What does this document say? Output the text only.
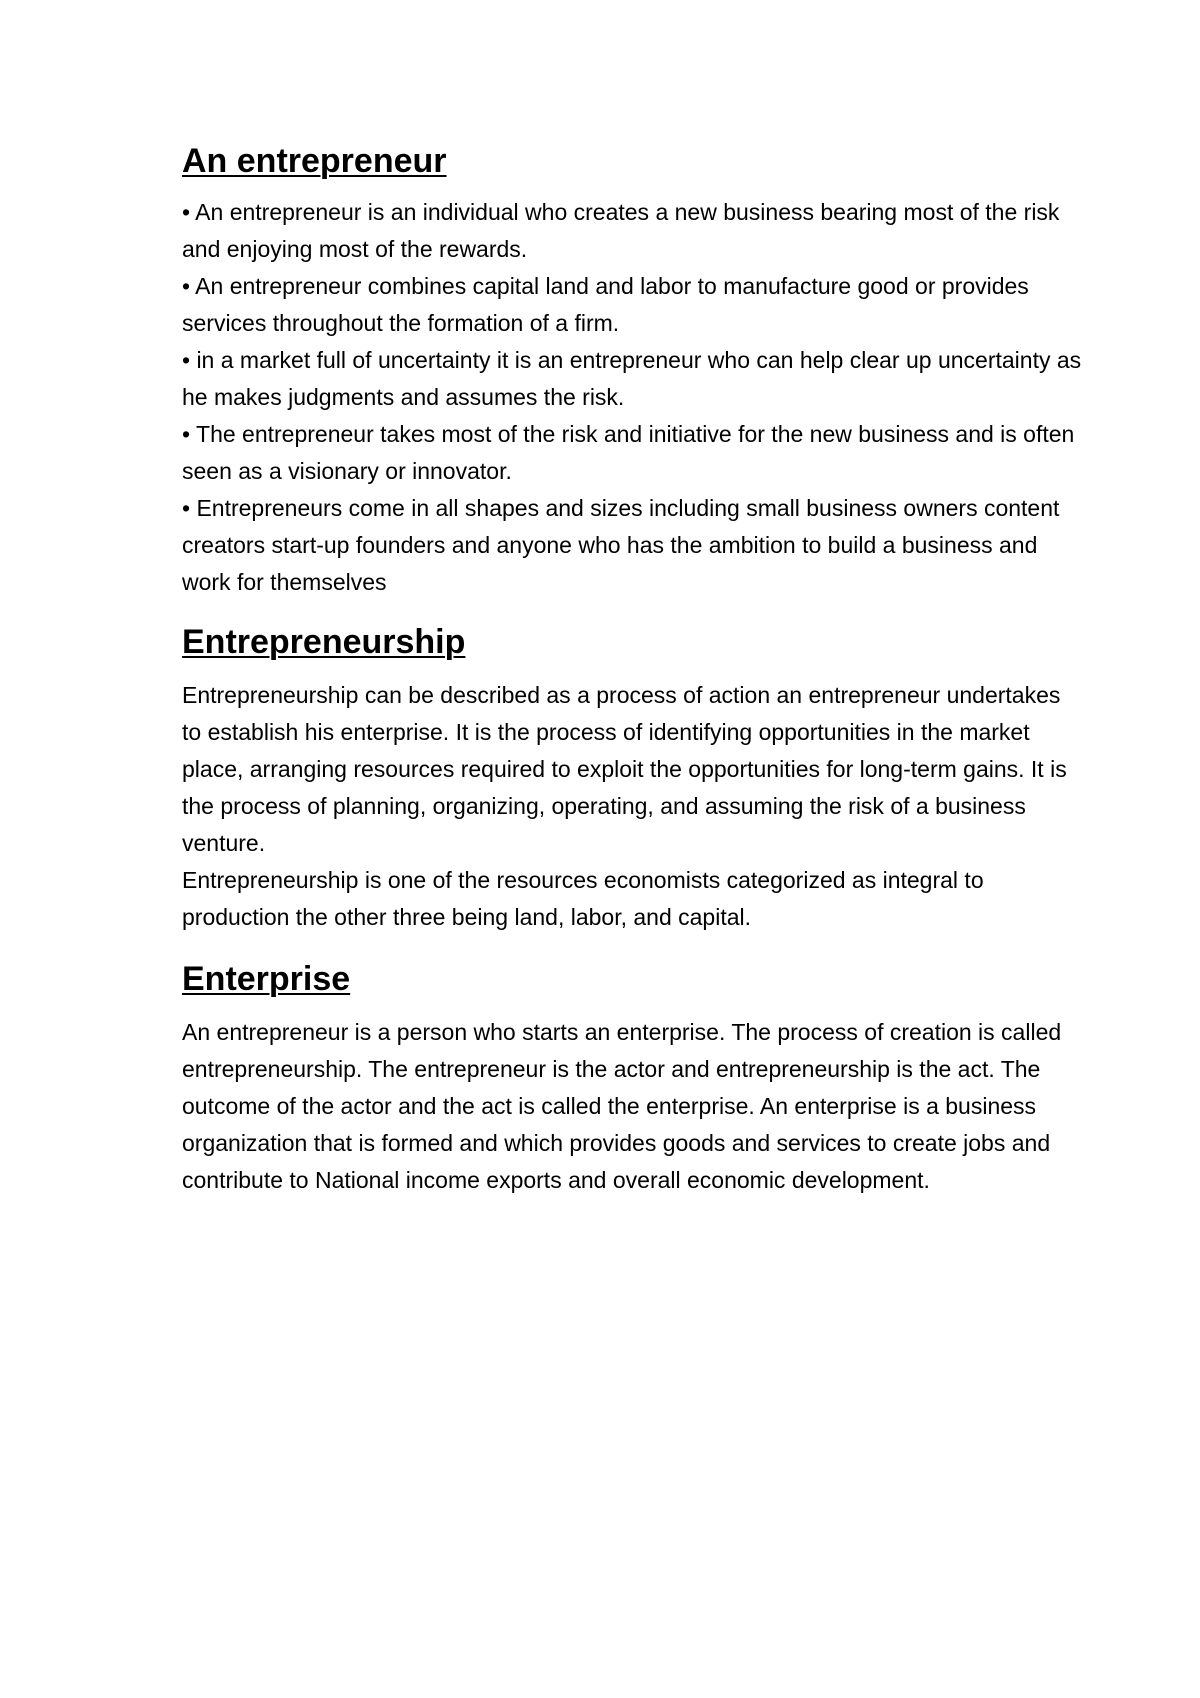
An entrepreneur

• An entrepreneur is an individual who creates a new business bearing most of the risk and enjoying most of the rewards.

• An entrepreneur combines capital land and labor to manufacture good or provides services throughout the formation of a firm.

• in a market full of uncertainty it is an entrepreneur who can help clear up uncertainty as he makes judgments and assumes the risk.

• The entrepreneur takes most of the risk and initiative for the new business and is often seen as a visionary or innovator.

• Entrepreneurs come in all shapes and sizes including small business owners content creators start-up founders and anyone who has the ambition to build a business and work for themselves

Entrepreneurship

Entrepreneurship can be described as a process of action an entrepreneur undertakes to establish his enterprise. It is the process of identifying opportunities in the market place, arranging resources required to exploit the opportunities for long-term gains. It is the process of planning, organizing, operating, and assuming the risk of a business venture.

Entrepreneurship is one of the resources economists categorized as integral to production the other three being land, labor, and capital.

Enterprise

An entrepreneur is a person who starts an enterprise. The process of creation is called entrepreneurship. The entrepreneur is the actor and entrepreneurship is the act. The outcome of the actor and the act is called the enterprise. An enterprise is a business organization that is formed and which provides goods and services to create jobs and contribute to National income exports and overall economic development.
